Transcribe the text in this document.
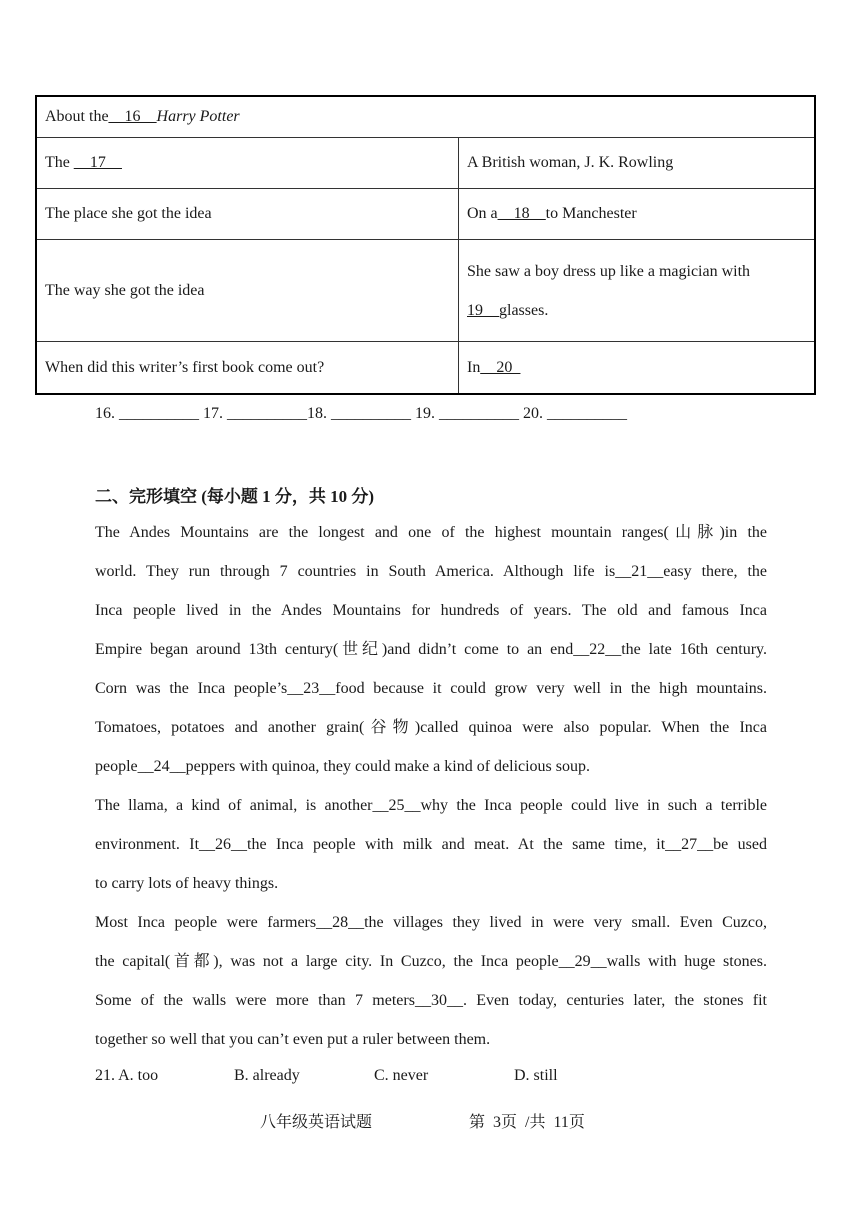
About the__16__Harry Potter	
The __17__	A British woman, J. K. Rowling
The place she got the idea	On a__18__to Manchester
The way she got the idea	She saw a boy dress up like a magician with
19__glasses.
When did this writer’s first book come out?	In__20_
16. __________ 17. __________18. __________ 19. __________ 20. __________
二、完形填空 (每小题 1 分，共 10 分)
The Andes Mountains are the longest and one of the highest mountain ranges(山脉)in the
world. They run through 7 countries in South America. Although life is__21__easy there, the
Inca people lived in the Andes Mountains for hundreds of years. The old and famous Inca
Empire began around 13th century(世纪)and didn’t come to an end__22__the late 16th century.
Corn was the Inca people’s__23__food because it could grow very well in the high mountains.
Tomatoes, potatoes and another grain(谷物)called quinoa were also popular. When the Inca
people__24__peppers with quinoa, they could make a kind of delicious soup.
The llama, a kind of animal, is another__25__why the Inca people could live in such a terrible
environment. It__26__the Inca people with milk and meat. At the same time, it__27__be used
to carry lots of heavy things.
Most Inca people were farmers__28__the villages they lived in were very small. Even Cuzco,
the capital(首都), was not a large city. In Cuzco, the Inca people__29__walls with huge stones.
Some of the walls were more than 7 meters__30__. Even today, centuries later, the stones fit
together so well that you can’t even put a ruler between them.
21. A. too	B. already	C. never	D. still
八年级英语试题	第  3页  /共  11页
